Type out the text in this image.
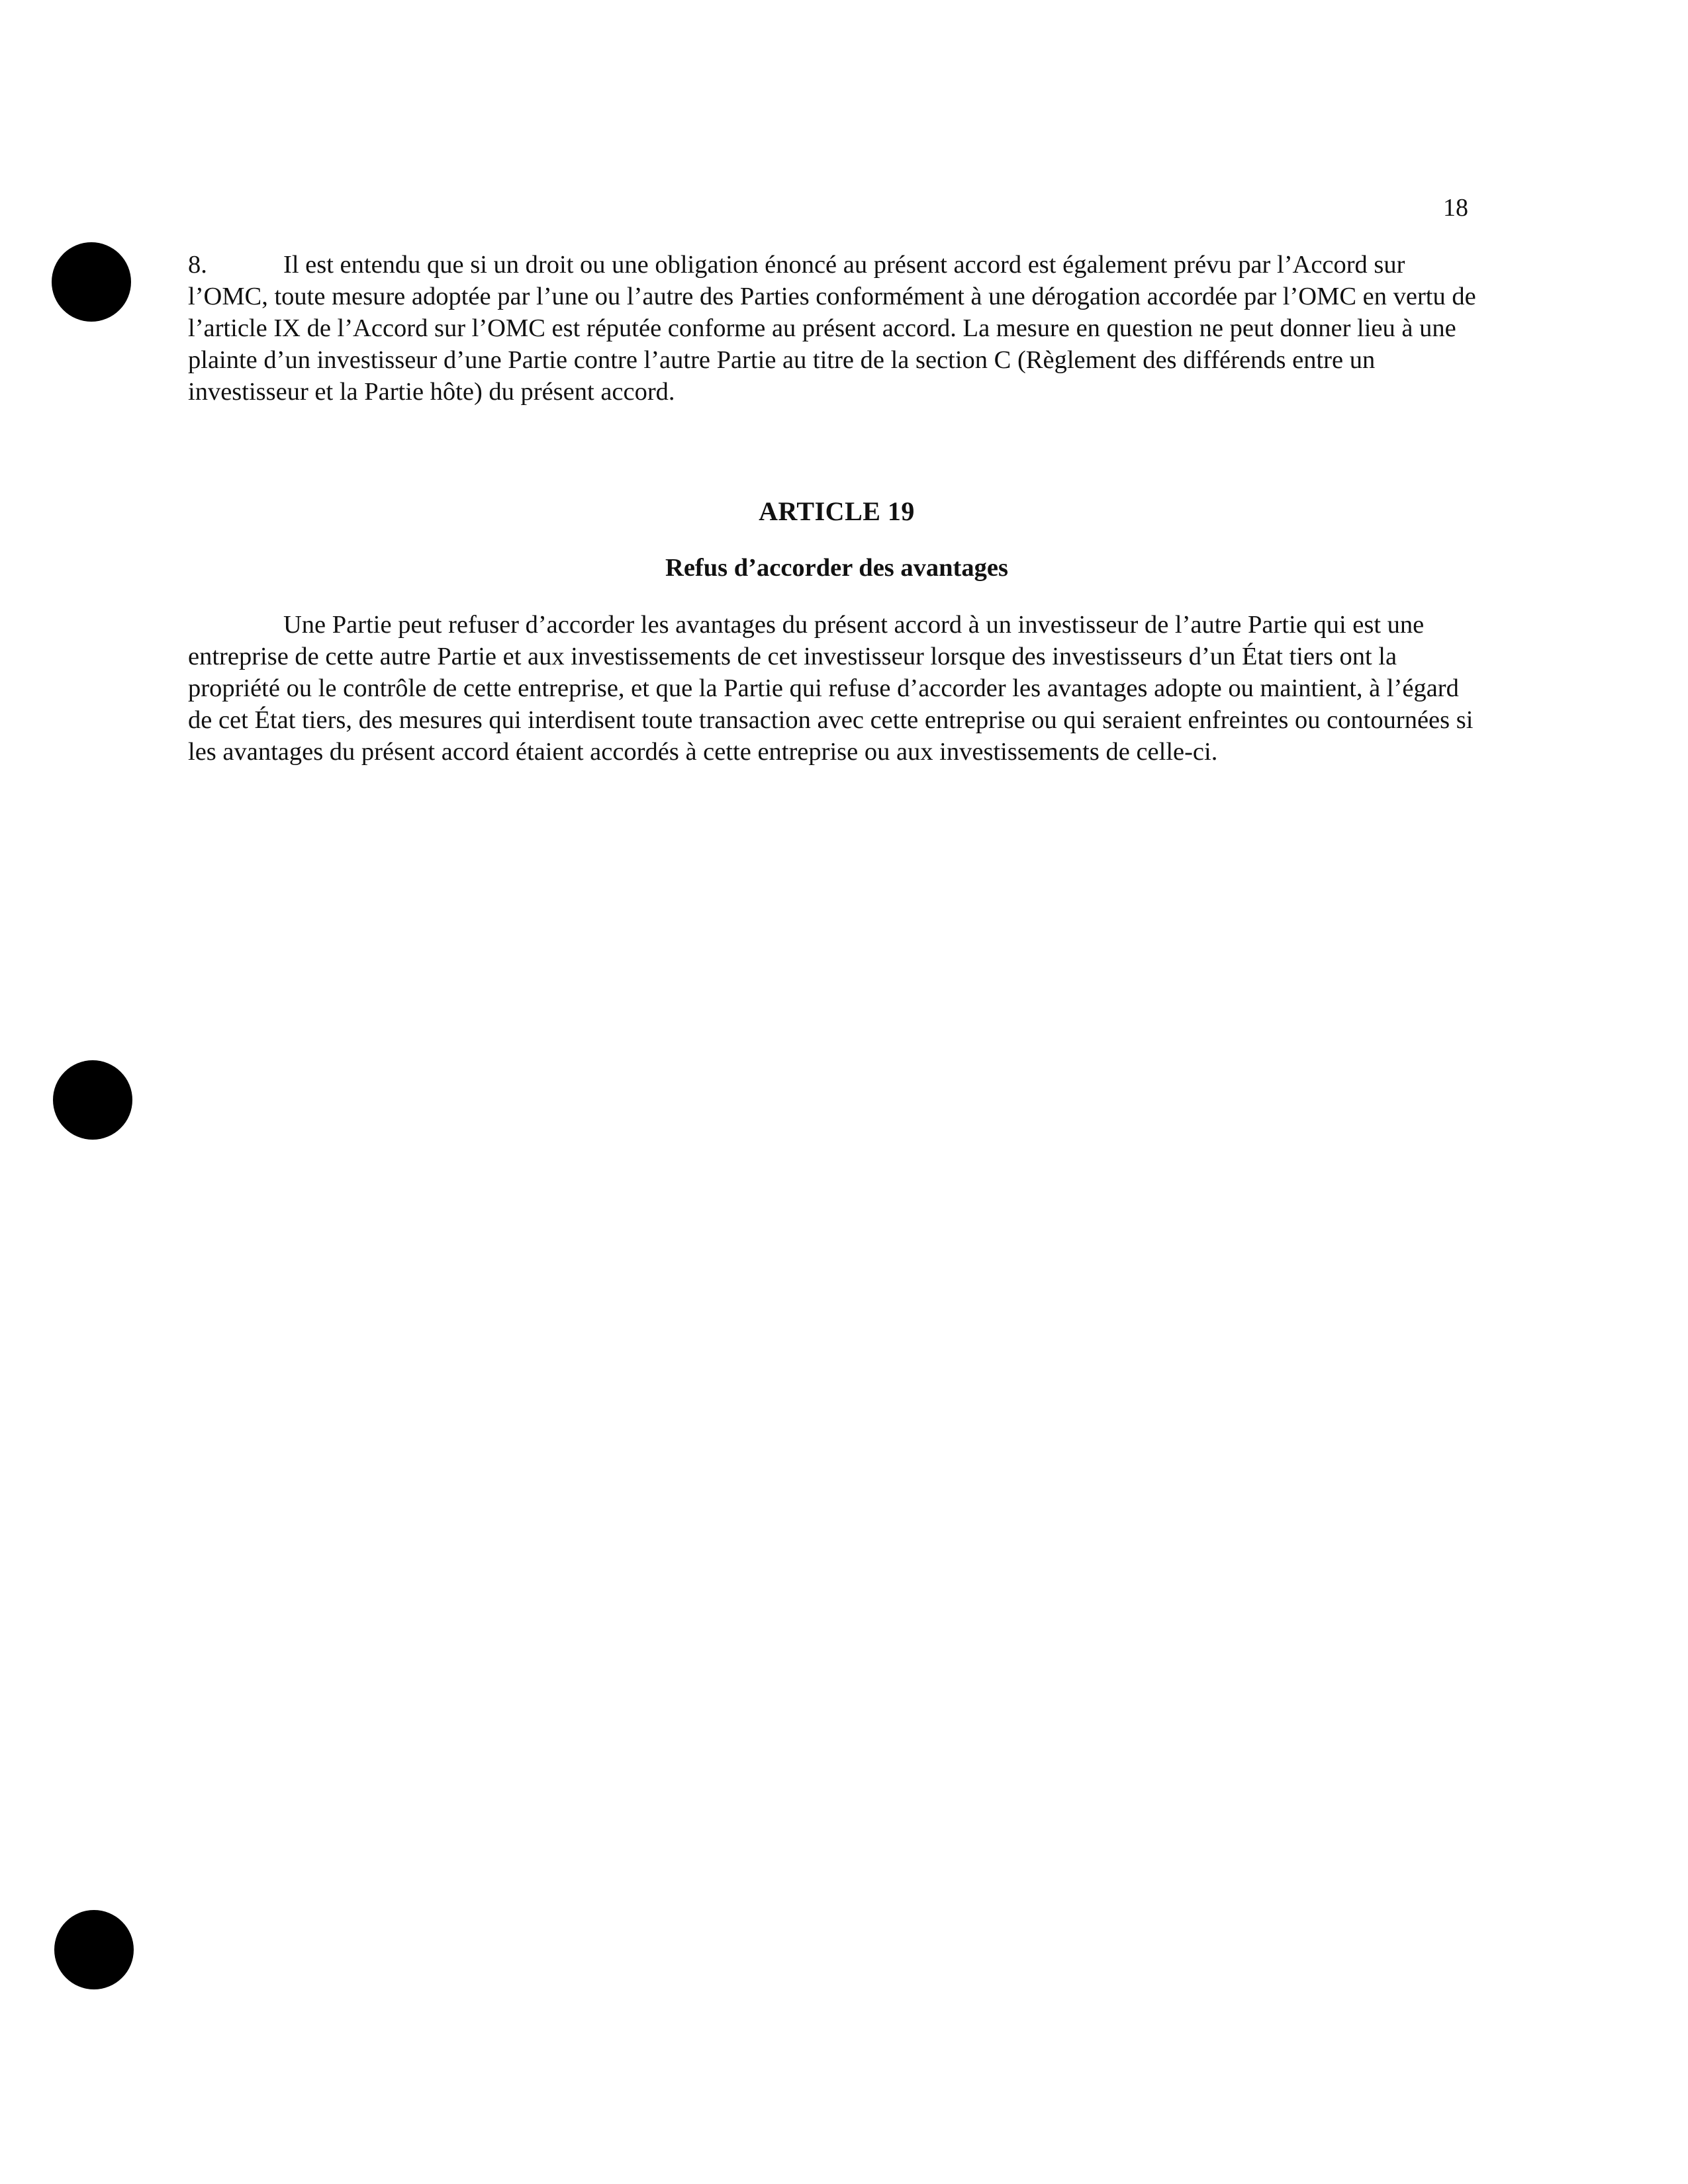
18
8.	Il est entendu que si un droit ou une obligation énoncé au présent accord est également prévu par l’Accord sur l’OMC, toute mesure adoptée par l’une ou l’autre des Parties conformément à une dérogation accordée par l’OMC en vertu de l’article IX de l’Accord sur l’OMC est réputée conforme au présent accord. La mesure en question ne peut donner lieu à une plainte d’un investisseur d’une Partie contre l’autre Partie au titre de la section C (Règlement des différends entre un investisseur et la Partie hôte) du présent accord.
ARTICLE 19
Refus d’accorder des avantages
Une Partie peut refuser d’accorder les avantages du présent accord à un investisseur de l’autre Partie qui est une entreprise de cette autre Partie et aux investissements de cet investisseur lorsque des investisseurs d’un État tiers ont la propriété ou le contrôle de cette entreprise, et que la Partie qui refuse d’accorder les avantages adopte ou maintient, à l’égard de cet État tiers, des mesures qui interdisent toute transaction avec cette entreprise ou qui seraient enfreintes ou contournées si les avantages du présent accord étaient accordés à cette entreprise ou aux investissements de celle-ci.
